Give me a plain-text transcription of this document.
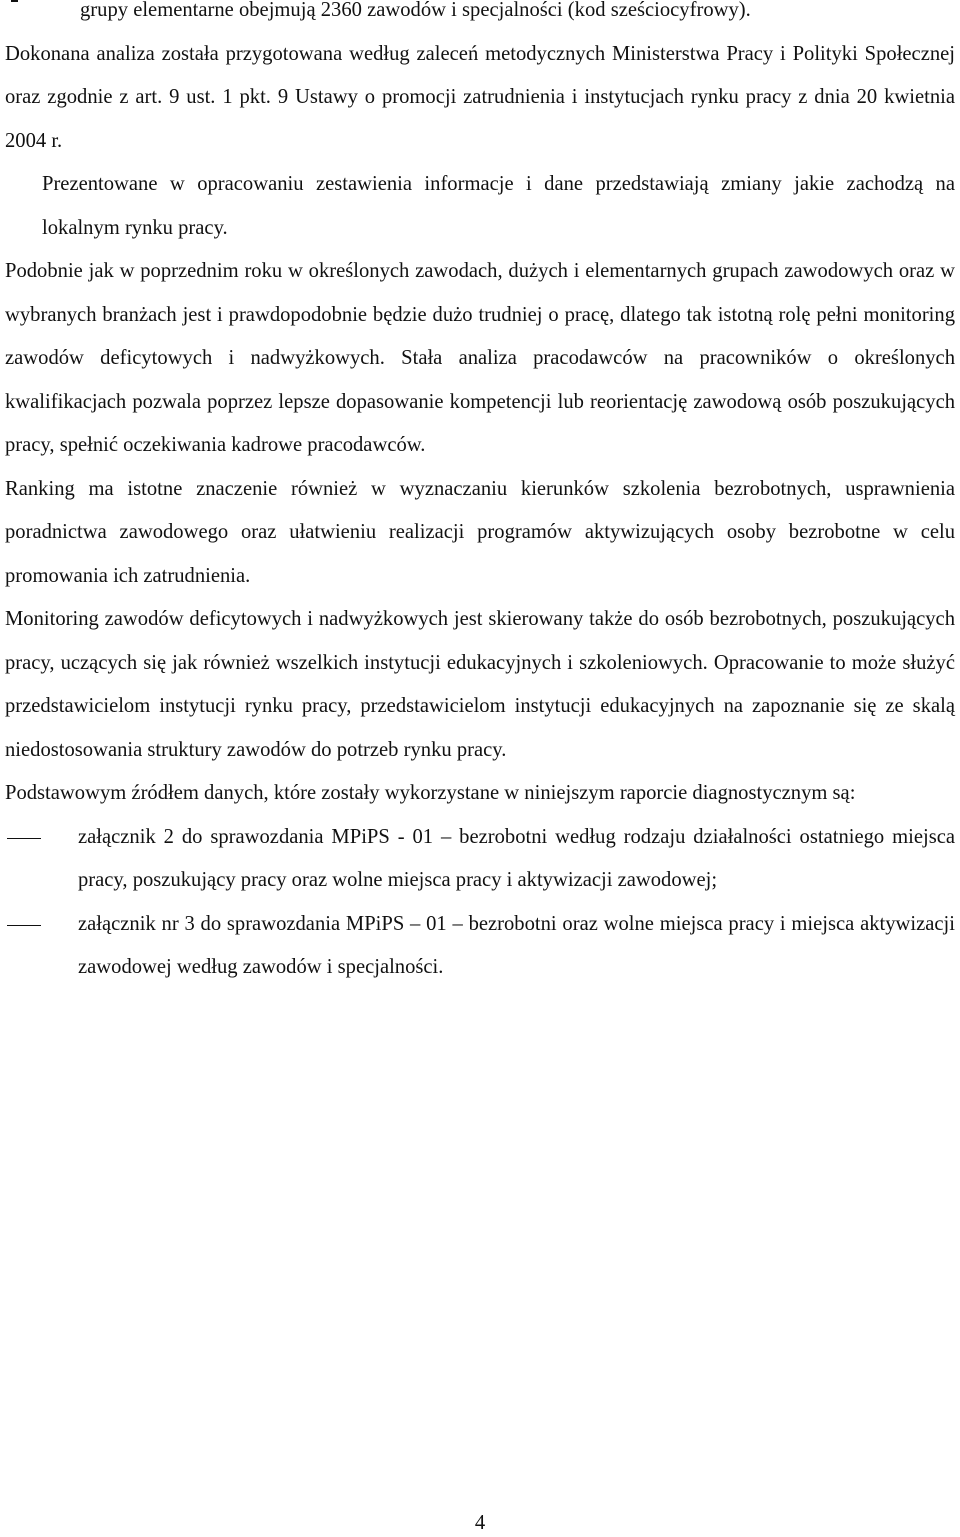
grupy elementarne obejmują 2360 zawodów i specjalności (kod sześciocyfrowy).

Dokonana analiza została przygotowana według zaleceń metodycznych Ministerstwa Pracy i Polityki Społecznej oraz zgodnie z art. 9 ust. 1 pkt. 9 Ustawy o promocji zatrudnienia i instytucjach rynku pracy z dnia 20 kwietnia 2004 r.

Prezentowane w opracowaniu zestawienia informacje i dane przedstawiają zmiany jakie zachodzą na lokalnym rynku pracy.

Podobnie jak w poprzednim roku w określonych zawodach, dużych i elementarnych grupach zawodowych oraz w wybranych branżach jest i prawdopodobnie będzie dużo trudniej o pracę, dlatego tak istotną rolę pełni monitoring zawodów deficytowych i nadwyżkowych. Stała analiza pracodawców na pracowników o określonych kwalifikacjach pozwala poprzez lepsze dopasowanie kompetencji lub reorientację zawodową osób poszukujących pracy, spełnić oczekiwania kadrowe pracodawców.

Ranking ma istotne znaczenie również w wyznaczaniu kierunków szkolenia bezrobotnych, usprawnienia poradnictwa zawodowego oraz ułatwieniu realizacji programów aktywizujących osoby bezrobotne w celu promowania ich zatrudnienia.

Monitoring zawodów deficytowych i nadwyżkowych jest skierowany także do osób bezrobotnych, poszukujących pracy, uczących się jak również wszelkich instytucji edukacyjnych i szkoleniowych. Opracowanie to może służyć przedstawicielom instytucji rynku pracy, przedstawicielom instytucji edukacyjnych na zapoznanie się ze skalą niedostosowania struktury zawodów do potrzeb rynku pracy.

Podstawowym źródłem danych, które zostały wykorzystane w niniejszym raporcie diagnostycznym są:

załącznik 2 do sprawozdania MPiPS - 01 – bezrobotni według rodzaju działalności ostatniego miejsca pracy, poszukujący pracy oraz wolne miejsca pracy i aktywizacji zawodowej;
załącznik nr 3 do sprawozdania MPiPS – 01 – bezrobotni oraz wolne miejsca pracy i miejsca aktywizacji zawodowej według zawodów i specjalności.
4
